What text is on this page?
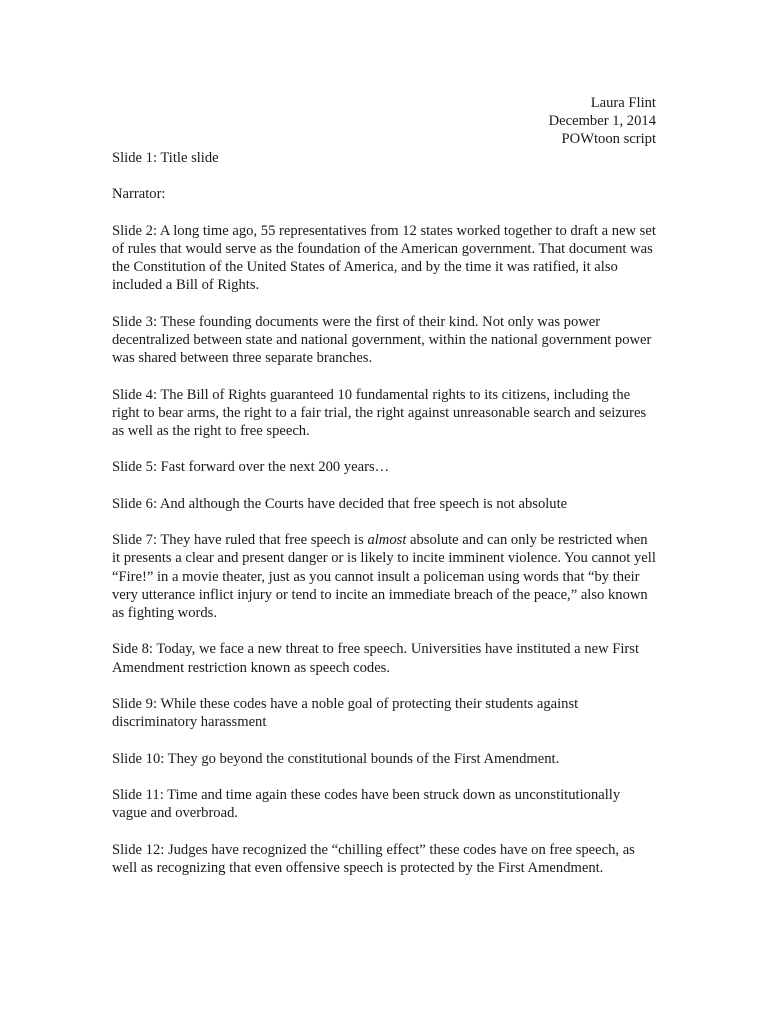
Laura Flint
December 1, 2014
POWtoon script

Slide 1: Title slide

Narrator:

Slide 2: A long time ago, 55 representatives from 12 states worked together to draft a new set of rules that would serve as the foundation of the American government. That document was the Constitution of the United States of America, and by the time it was ratified, it also included a Bill of Rights.

Slide 3: These founding documents were the first of their kind. Not only was power decentralized between state and national government, within the national government power was shared between three separate branches.

Slide 4: The Bill of Rights guaranteed 10 fundamental rights to its citizens, including the right to bear arms, the right to a fair trial, the right against unreasonable search and seizures as well as the right to free speech.

Slide 5: Fast forward over the next 200 years…

Slide 6: And although the Courts have decided that free speech is not absolute

Slide 7: They have ruled that free speech is almost absolute and can only be restricted when it presents a clear and present danger or is likely to incite imminent violence. You cannot yell “Fire!” in a movie theater, just as you cannot insult a policeman using words that “by their very utterance inflict injury or tend to incite an immediate breach of the peace,” also known as fighting words.

Side 8: Today, we face a new threat to free speech. Universities have instituted a new First Amendment restriction known as speech codes.

Slide 9: While these codes have a noble goal of protecting their students against discriminatory harassment

Slide 10: They go beyond the constitutional bounds of the First Amendment.

Slide 11: Time and time again these codes have been struck down as unconstitutionally vague and overbroad.

Slide 12: Judges have recognized the “chilling effect” these codes have on free speech, as well as recognizing that even offensive speech is protected by the First Amendment.
